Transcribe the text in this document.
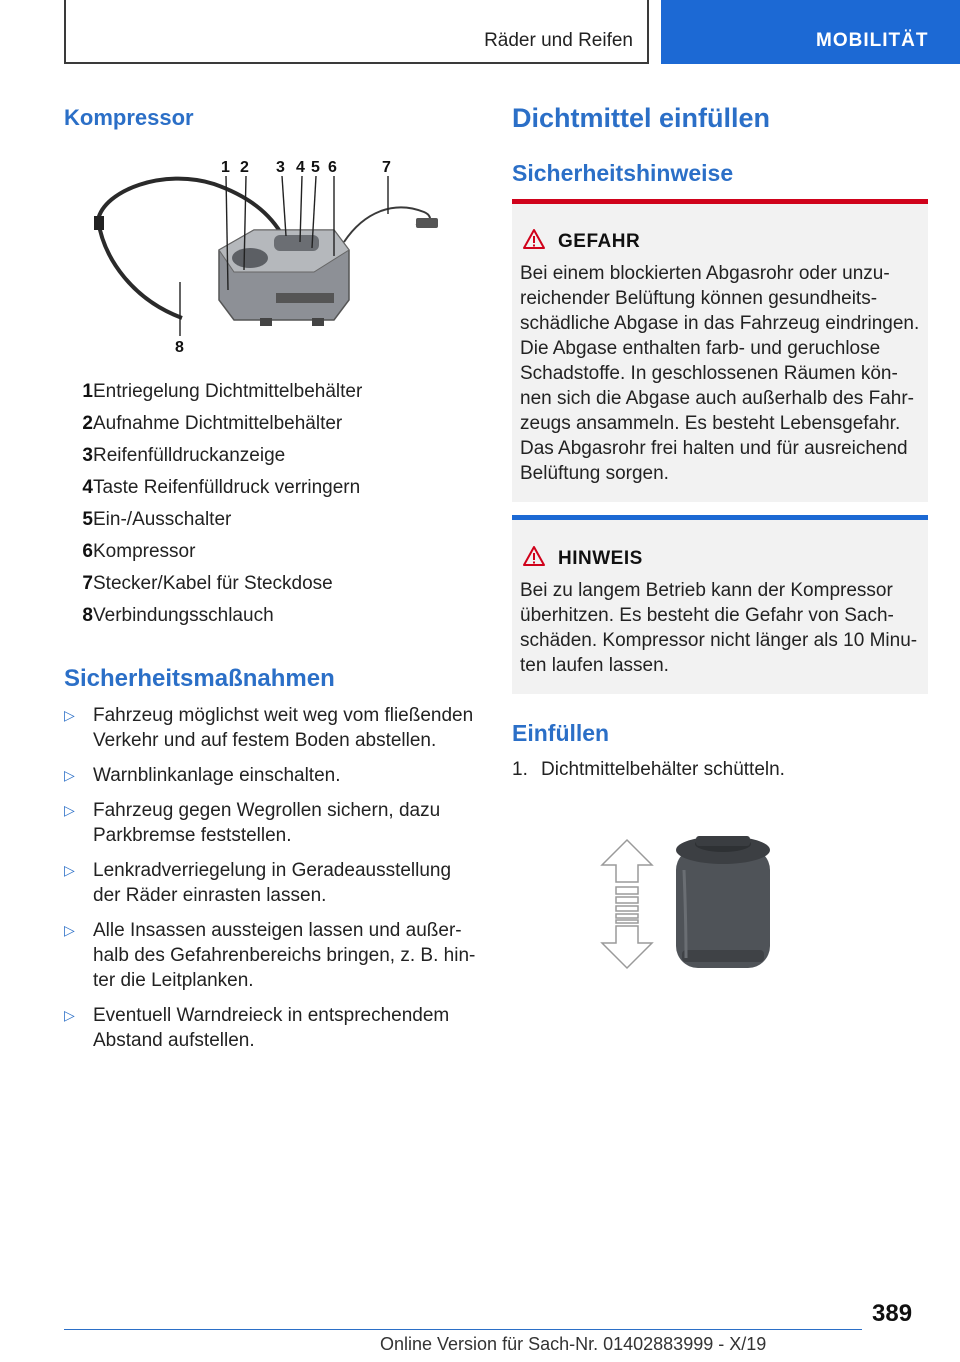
Räder und Reifen	MOBILITÄT
Kompressor
1 2 3 4 5 6	7
8
1 Entriegelung Dichtmittelbehälter
2 Aufnahme Dichtmittelbehälter
3 Reifenfülldruckanzeige
4 Taste Reifenfülldruck verringern
5 Ein-/Ausschalter
6 Kompressor
7 Stecker/Kabel für Steckdose
8 Verbindungsschlauch
Sicherheitsmaßnahmen
▷ Fahrzeug möglichst weit weg vom fließenden
Verkehr und auf festem Boden abstellen.
▷ Warnblinkanlage einschalten.
▷ Fahrzeug gegen Wegrollen sichern, dazu
Parkbremse feststellen.
▷ Lenkradverriegelung in Geradeausstellung
der Räder einrasten lassen.
▷ Alle Insassen aussteigen lassen und außer-
halb des Gefahrenbereichs bringen, z. B. hin-
ter die Leitplanken.
▷ Eventuell Warndreieck in entsprechendem
Abstand aufstellen.
Dichtmittel einfüllen
Sicherheitshinweise
GEFAHR
Bei einem blockierten Abgasrohr oder unzu-
reichender Belüftung können gesundheits-
schädliche Abgase in das Fahrzeug eindringen.
Die Abgase enthalten farb- und geruchlose
Schadstoffe. In geschlossenen Räumen kön-
nen sich die Abgase auch außerhalb des Fahr-
zeugs ansammeln. Es besteht Lebensgefahr.
Das Abgasrohr frei halten und für ausreichend
Belüftung sorgen.
HINWEIS
Bei zu langem Betrieb kann der Kompressor
überhitzen. Es besteht die Gefahr von Sach-
schäden. Kompressor nicht länger als 10 Minu-
ten laufen lassen.
Einfüllen
1. Dichtmittelbehälter schütteln.
389
Online Version für Sach-Nr. 01402883999 - X/19
